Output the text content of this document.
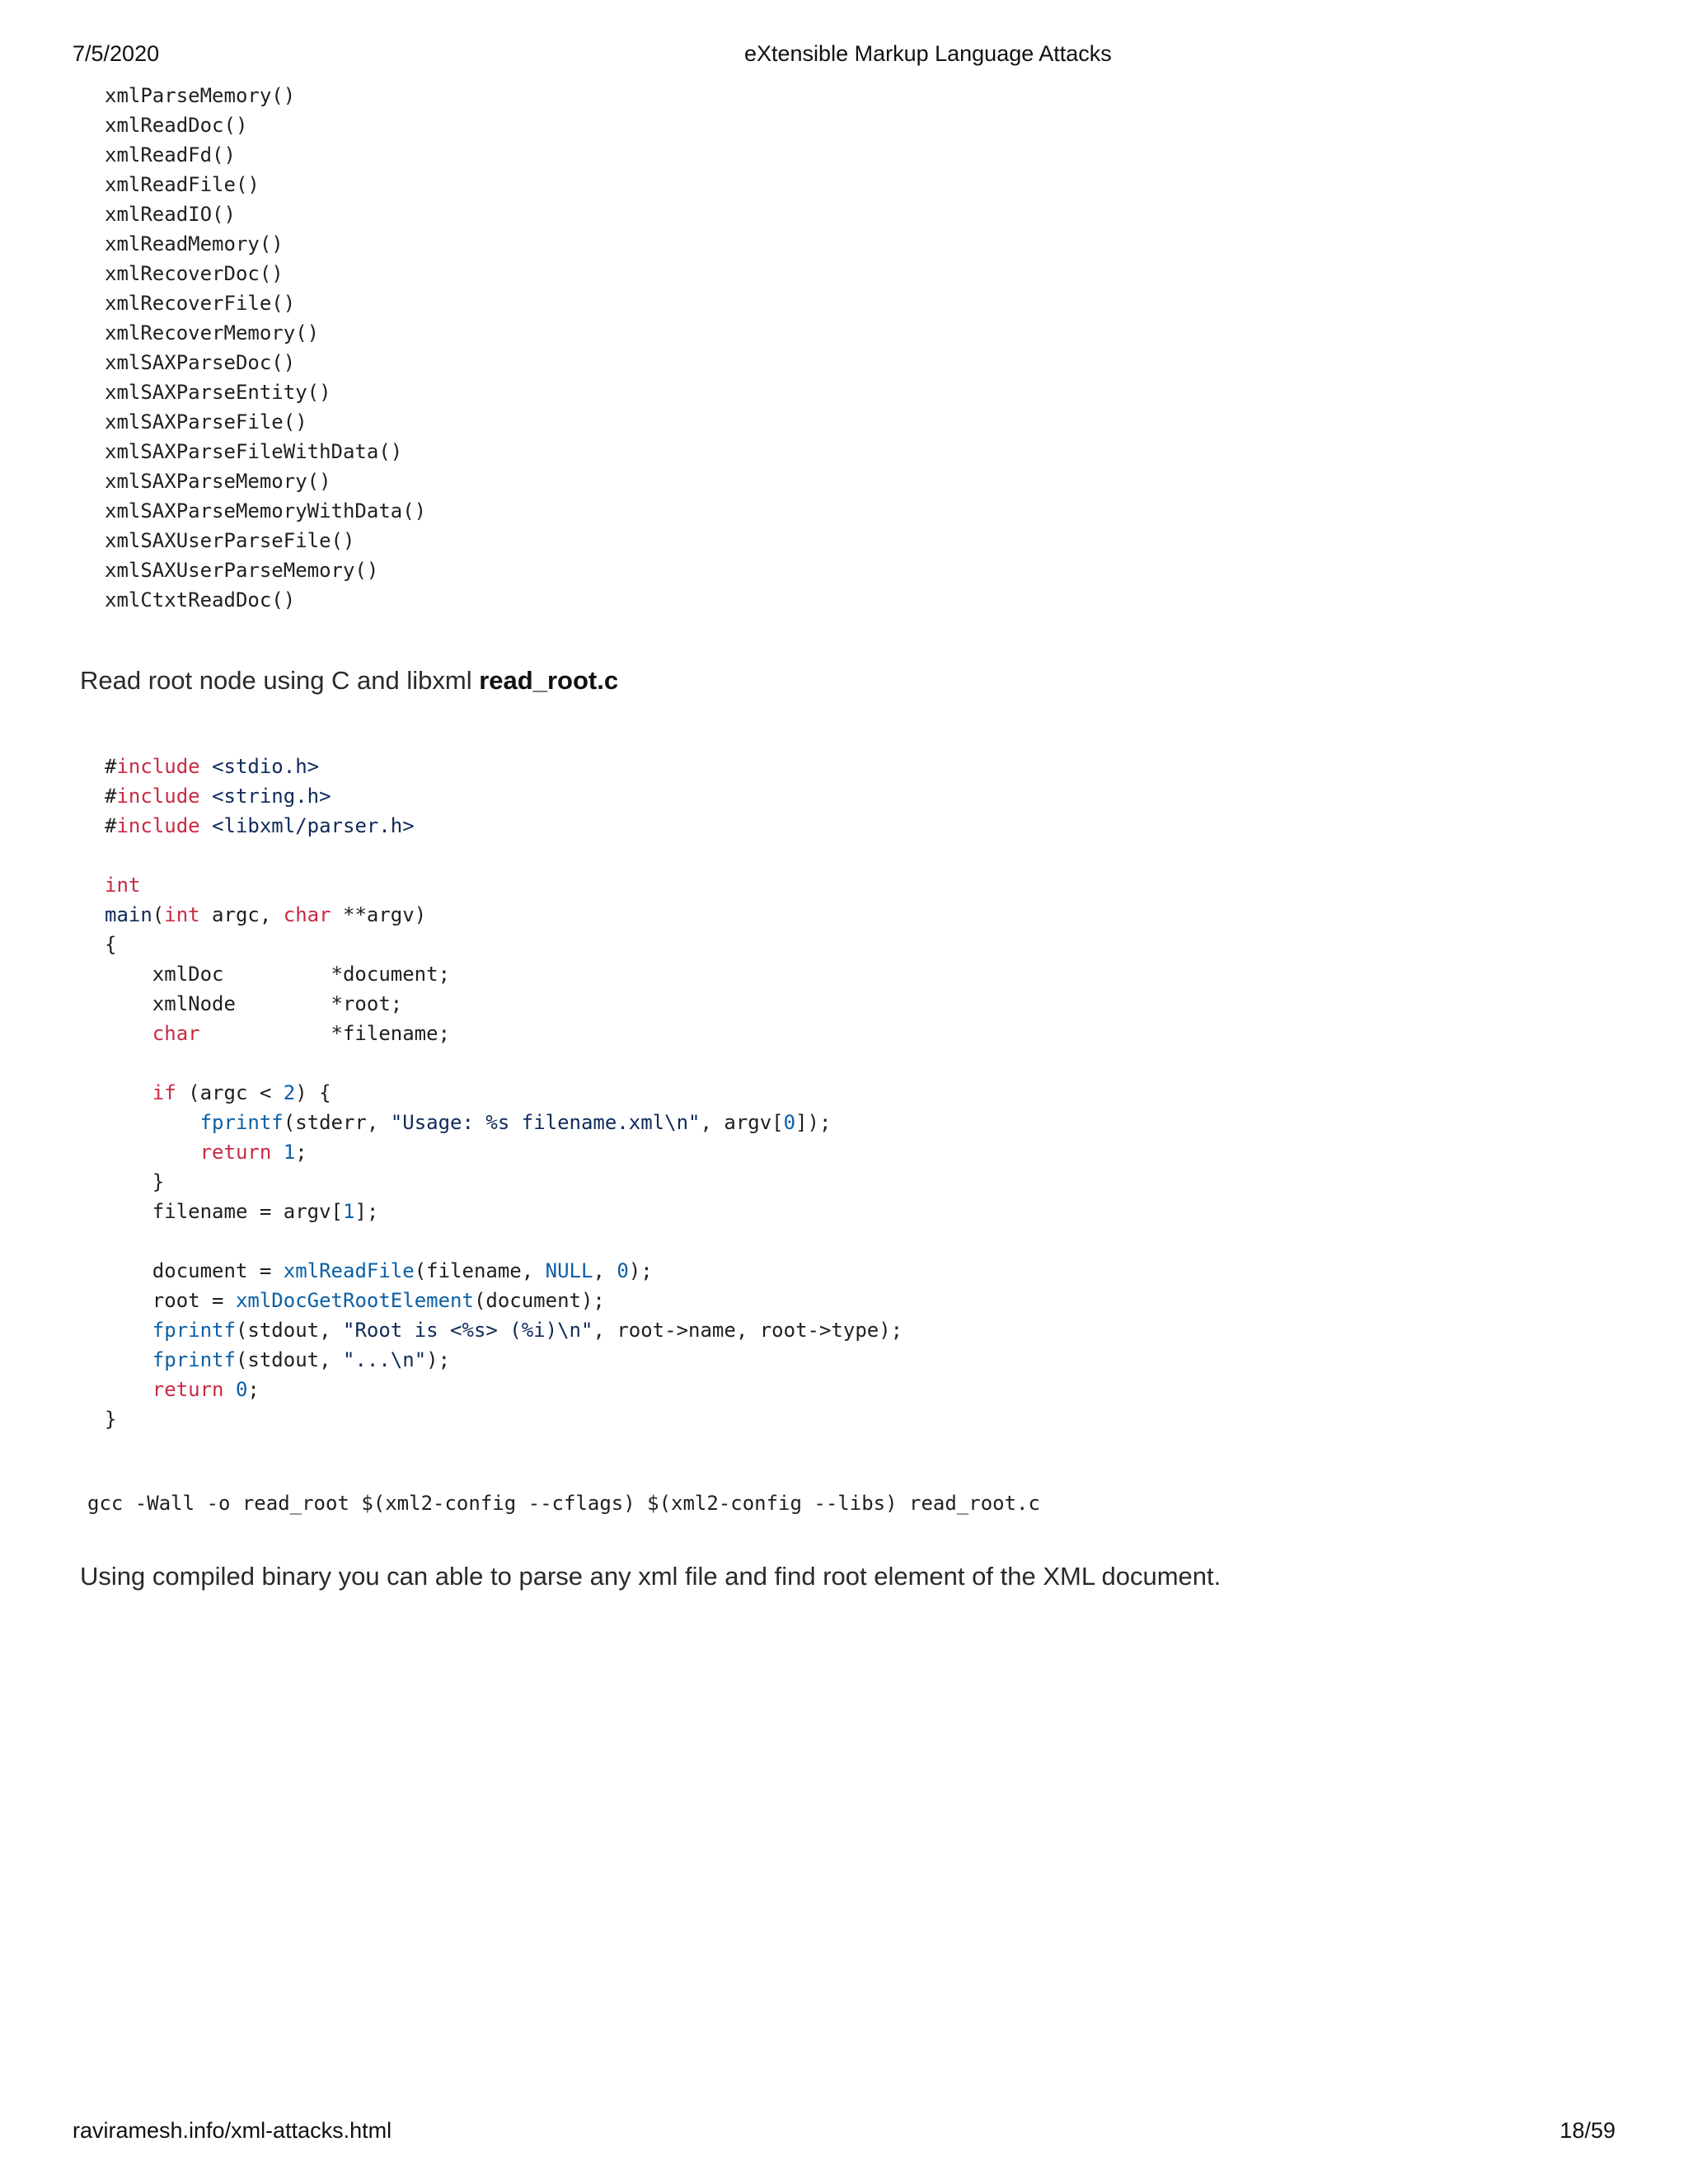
7/5/2020	eXtensible Markup Language Attacks
xmlParseMemory()
xmlReadDoc()
xmlReadFd()
xmlReadFile()
xmlReadIO()
xmlReadMemory()
xmlRecoverDoc()
xmlRecoverFile()
xmlRecoverMemory()
xmlSAXParseDoc()
xmlSAXParseEntity()
xmlSAXParseFile()
xmlSAXParseFileWithData()
xmlSAXParseMemory()
xmlSAXParseMemoryWithData()
xmlSAXUserParseFile()
xmlSAXUserParseMemory()
xmlCtxtReadDoc()
Read root node using C and libxml read_root.c
#include <stdio.h>
#include <string.h>
#include <libxml/parser.h>
int
main(int argc, char **argv)
{
xmlDoc         *document;
xmlNode        *root;
char           *filename;
if (argc < 2) {
fprintf(stderr, "Usage: %s filename.xml\n", argv[0]);
return 1;
}
filename = argv[1];
document = xmlReadFile(filename, NULL, 0);
root = xmlDocGetRootElement(document);
fprintf(stdout, "Root is <%s> (%i)\n", root->name, root->type);
fprintf(stdout, "...\n");
return 0;
}
gcc -Wall -o read_root $(xml2-config --cflags) $(xml2-config --libs) read_root.c
Using compiled binary you can able to parse any xml file and find root element of the XML document.
raviramesh.info/xml-attacks.html	18/59
